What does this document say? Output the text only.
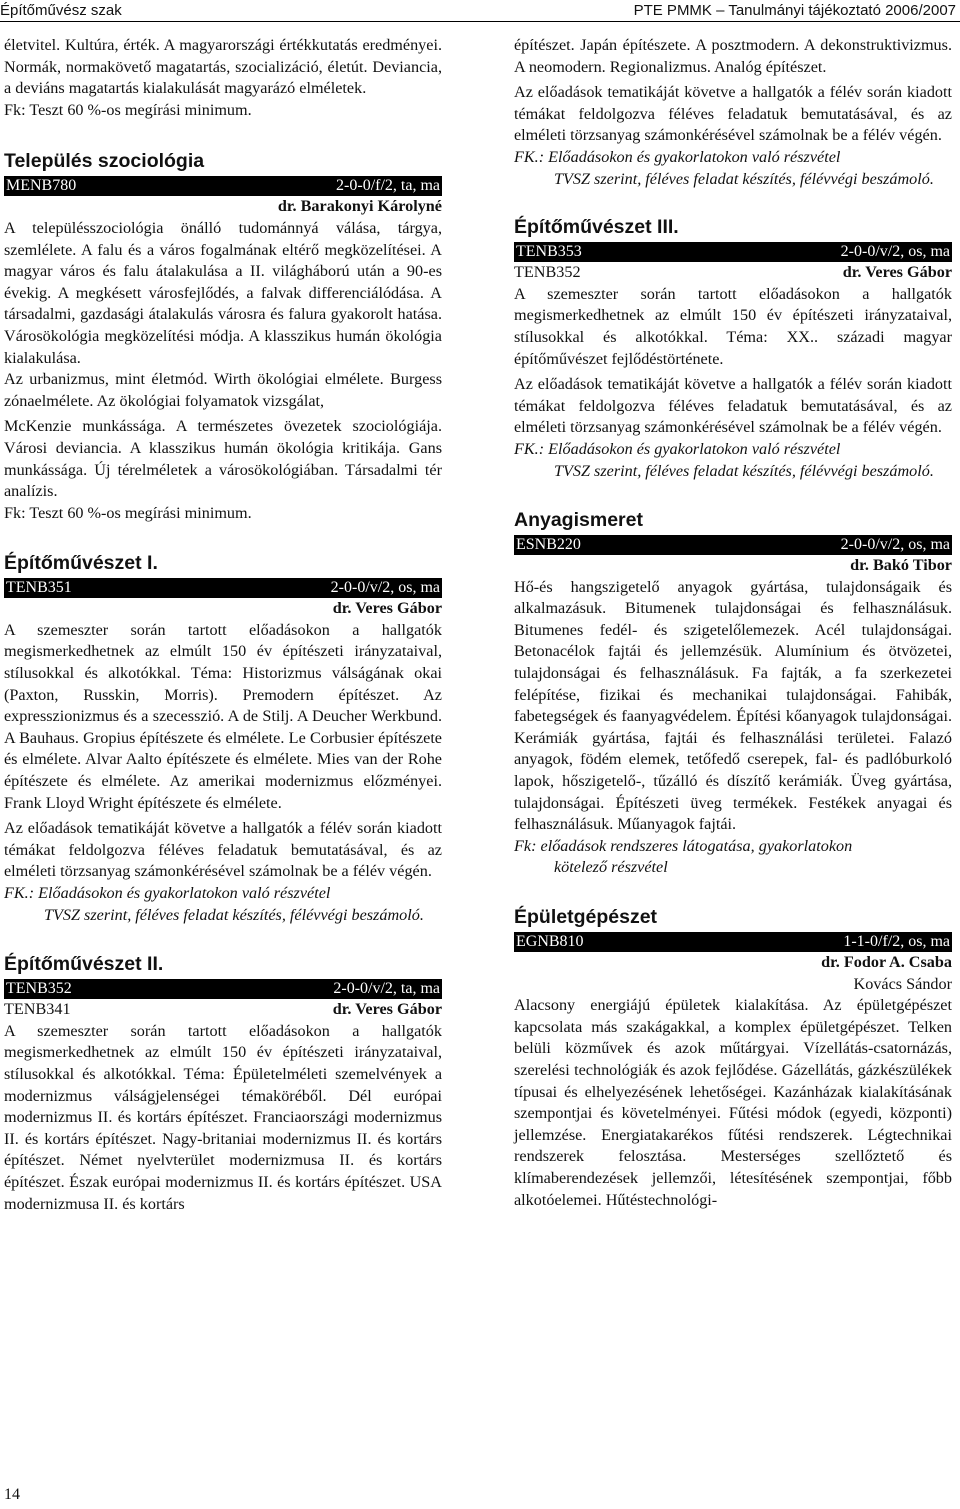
Építőművész szak	PTE PMMK – Tanulmányi tájékoztató 2006/2007

életvitel. Kultúra, érték. A magyarországi értékkutatás eredményei. Normák, normakövető magatartás, szocializáció, életút. Deviancia, a deviáns magatartás kialakulását magyarázó elméletek.

Fk: Teszt 60 %-os megírási minimum.

Település szociológia
MENB780	2-0-0/f/2, ta, ma
dr. Barakonyi Károlyné

A településszociológia önálló tudománnyá válása, tárgya, szemlélete. A falu és a város fogalmának eltérő megközelítései. A magyar város és falu átalakulása a II. világháború után a 90-es évekig. A megkésett városfejlődés, a falvak differenciálódása. A társadalmi, gazdasági átalakulás városra és falura gyakorolt hatása. Városökológia megközelítési módja. A klasszikus humán ökológia kialakulása.

Az urbanizmus, mint életmód. Wirth ökológiai elmélete. Burgess zónaelmélete. Az ökológiai folyamatok vizsgálat,

McKenzie munkássága. A természetes övezetek szociológiája. Városi deviancia. A klasszikus humán ökológia kritikája. Gans munkássága. Új térelméletek a városökológiában. Társadalmi tér analízis.

Fk: Teszt 60 %-os megírási minimum.

Építőművészet I.
TENB351	2-0-0/v/2, os, ma
dr. Veres Gábor

A szemeszter során tartott előadásokon a hallgatók megismerkedhetnek az elmúlt 150 év építészeti irányzataival, stílusokkal és alkotókkal. Téma: Historizmus válságának okai (Paxton, Russkin, Morris). Premodern építészet. Az expresszionizmus és a szecesszió. A de Stilj. A Deucher Werkbund. A Bauhaus. Gropius építészete és elmélete. Le Corbusier építészete és elmélete. Alvar Aalto építészete és elmélete. Mies van der Rohe építészete és elmélete. Az amerikai modernizmus előzményei. Frank Lloyd Wright építészete és elmélete.

Az előadások tematikáját követve a hallgatók a félév során kiadott témákat feldolgozva féléves feladatuk bemutatásával, és az elméleti törzsanyag számonkérésével számolnak be a félév végén.

FK.: Előadásokon és gyakorlatokon való részvétel

TVSZ szerint, féléves feladat készítés, félévvégi beszámoló.

Építőművészet II.
TENB352	2-0-0/v/2, ta, ma
TENB341	dr. Veres Gábor

A szemeszter során tartott előadásokon a hallgatók megismerkedhetnek az elmúlt 150 év építészeti irányzataival, stílusokkal és alkotókkal. Téma: Épületelméleti szemelvények a modernizmus válságjelenségei témaköréből. Dél európai modernizmus II. és kortárs építészet. Franciaországi modernizmus II. és kortárs építészet. Nagy-britaniai modernizmus II. és kortárs építészet. Német nyelvterület modernizmusa II. és kortárs építészet. Észak európai modernizmus II. és kortárs építészet. USA modernizmusa II. és kortárs

építészet. Japán építészete. A posztmodern. A dekonstruktivizmus. A neomodern. Regionalizmus. Analóg építészet.

Az előadások tematikáját követve a hallgatók a félév során kiadott témákat feldolgozva féléves feladatuk bemutatásával, és az elméleti törzsanyag számonkérésével számolnak be a félév végén.

FK.: Előadásokon és gyakorlatokon való részvétel

TVSZ szerint, féléves feladat készítés, félévvégi beszámoló.

Építőművészet III.
TENB353	2-0-0/v/2, os, ma
TENB352	dr. Veres Gábor

A szemeszter során tartott előadásokon a hallgatók megismerkedhetnek az elmúlt 150 év építészeti irányzataival, stílusokkal és alkotókkal. Téma: XX.. századi magyar építőművészet fejlődéstörténete.

Az előadások tematikáját követve a hallgatók a félév során kiadott témákat feldolgozva féléves feladatuk bemutatásával, és az elméleti törzsanyag számonkérésével számolnak be a félév végén.

FK.: Előadásokon és gyakorlatokon való részvétel

TVSZ szerint, féléves feladat készítés, félévvégi beszámoló.

Anyagismeret
ESNB220	2-0-0/v/2, os, ma
dr. Bakó Tibor

Hő-és hangszigetelő anyagok gyártása, tulajdonságaik és alkalmazásuk. Bitumenek tulajdonságai és felhasználásuk. Bitumenes fedél- és szigetelőlemezek. Acél tulajdonságai. Betonacélok fajtái és jellemzésük. Alumínium és ötvözetei, tulajdonságai és felhasználásuk. Fa fajták, a fa szerkezetei felépítése, fizikai és mechanikai tulajdonságai. Fahibák, fabetegségek és faanyagvédelem. Építési kőanyagok tulajdonságai. Kerámiák gyártása, fajtái és felhasználási területei. Falazó anyagok, födém elemek, tetőfedő cserepek, fal- és padlóburkoló lapok, hőszigetelő-, tűzálló és díszítő kerámiák. Üveg gyártása, tulajdonságai. Építészeti üveg termékek. Festékek anyagai és felhasználásuk. Műanyagok fajtái.

Fk: előadások rendszeres látogatása, gyakorlatokon

kötelező részvétel

Épületgépészet
EGNB810	1-1-0/f/2, os, ma
dr. Fodor A. Csaba
Kovács Sándor

Alacsony energiájú épületek kialakítása. Az épületgépészet kapcsolata más szakágakkal, a komplex épületgépészet. Telken belüli közművek és azok műtárgyai. Vízellátás-csatornázás, szerelési technológiák és azok fejlődése. Gázellátás, gázkészülékek típusai és elhelyezésének lehetőségei. Kazánházak kialakításának szempontjai és követelményei. Fűtési módok (egyedi, központi) jellemzése. Energiatakarékos fűtési rendszerek. Légtechnikai rendszerek felosztása. Mesterséges szellőztető és klímaberendezések jellemzői, létesítésének szempontjai, főbb alkotóelemei. Hűtéstechnológi-

14
